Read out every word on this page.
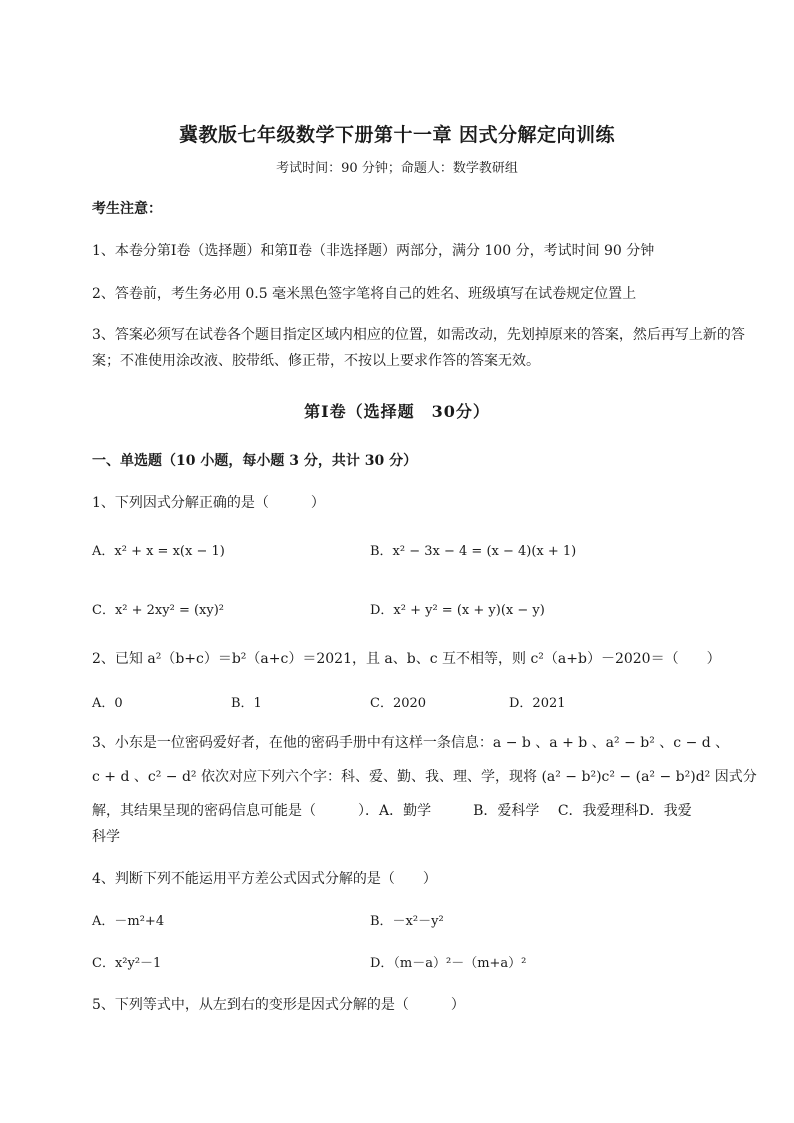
冀教版七年级数学下册第十一章 因式分解定向训练
考试时间：90 分钟；命题人：数学教研组
考生注意：
1、本卷分第Ⅰ卷（选择题）和第Ⅱ卷（非选择题）两部分，满分 100 分，考试时间 90 分钟
2、答卷前，考生务必用 0.5 毫米黑色签字笔将自己的姓名、班级填写在试卷规定位置上
3、答案必须写在试卷各个题目指定区域内相应的位置，如需改动，先划掉原来的答案，然后再写上新的答案；不准使用涂改液、胶带纸、修正带，不按以上要求作答的答案无效。
第Ⅰ卷（选择题　30分）
一、单选题（10 小题，每小题 3 分，共计 30 分）
1、下列因式分解正确的是（　　　）
A．x² + x = x(x − 1)	B．x² − 3x − 4 = (x − 4)(x + 1)
C．x² + 2xy² = (xy)²	D．x² + y² = (x + y)(x − y)
2、已知 a²（b+c）＝b²（a+c）＝2021，且 a、b、c 互不相等，则 c²（a+b）－2020＝（　　）
A．0	B．1	C．2020	D．2021
3、小东是一位密码爱好者，在他的密码手册中有这样一条信息：a − b 、a + b 、a² − b² 、c − d 、
c + d 、c² − d² 依次对应下列六个字：科、爱、勤、我、理、学，现将 (a² − b²)c² − (a² − b²)d² 因式分
解，其结果呈现的密码信息可能是（　　　）．A．勤学　　　B．爱科学　 C．我爱理科D．我爱
科学
4、判断下列不能运用平方差公式因式分解的是（　　）
A．－m²+4	B．－x²－y²
C．x²y²－1	D．（m－a）²－（m+a）²
5、下列等式中，从左到右的变形是因式分解的是（　　　）
